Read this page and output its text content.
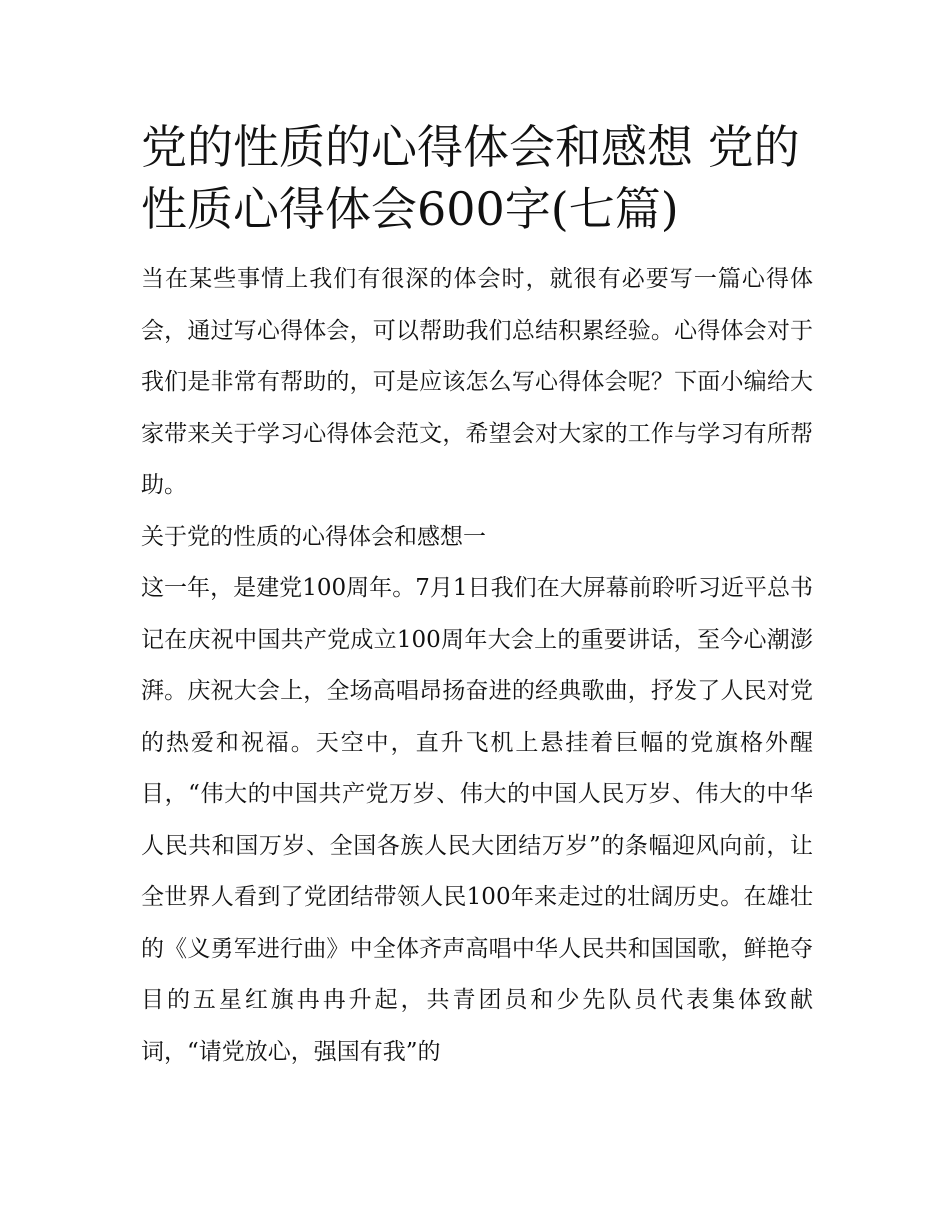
党的性质的心得体会和感想 党的性质心得体会600字(七篇)

当在某些事情上我们有很深的体会时，就很有必要写一篇心得体会，通过写心得体会，可以帮助我们总结积累经验。心得体会对于我们是非常有帮助的，可是应该怎么写心得体会呢？下面小编给大家带来关于学习心得体会范文，希望会对大家的工作与学习有所帮助。

关于党的性质的心得体会和感想一

这一年，是建党100周年。7月1日我们在大屏幕前聆听习近平总书记在庆祝中国共产党成立100周年大会上的重要讲话，至今心潮澎湃。庆祝大会上，全场高唱昂扬奋进的经典歌曲，抒发了人民对党的热爱和祝福。天空中，直升飞机上悬挂着巨幅的党旗格外醒目，“伟大的中国共产党万岁、伟大的中国人民万岁、伟大的中华人民共和国万岁、全国各族人民大团结万岁”的条幅迎风向前，让全世界人看到了党团结带领人民100年来走过的壮阔历史。在雄壮的《义勇军进行曲》中全体齐声高唱中华人民共和国国歌，鲜艳夺目的五星红旗冉冉升起，共青团员和少先队员代表集体致献词，“请党放心，强国有我”的
